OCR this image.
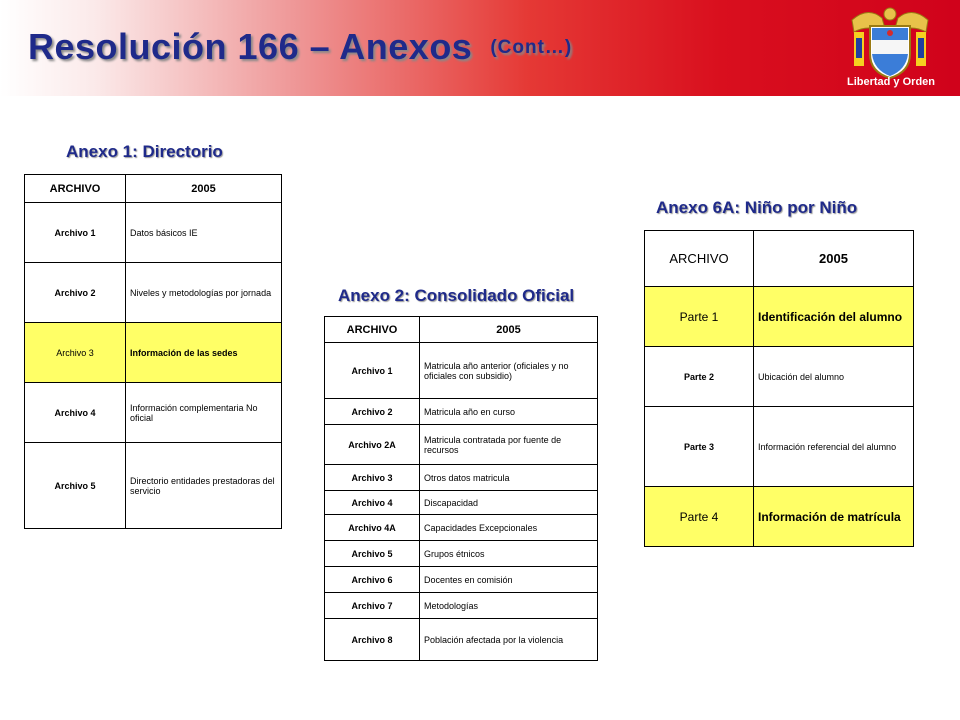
Resolución 166 – Anexos (Cont…)
Libertad y Orden
Anexo 1: Directorio
ARCHIVO	2005
Archivo 1	Datos básicos IE
Archivo 2	Niveles y metodologías por jornada
Archivo 3	Información de las sedes
Archivo 4	Información complementaria No oficial
Archivo 5	Directorio entidades prestadoras del servicio
Anexo 2: Consolidado Oficial
ARCHIVO	2005
Archivo 1	Matricula año anterior (oficiales y no oficiales con subsidio)
Archivo 2	Matricula año en curso
Archivo 2A	Matricula contratada por fuente de recursos
Archivo 3	Otros datos matricula
Archivo 4	Discapacidad
Archivo 4A	Capacidades Excepcionales
Archivo 5	Grupos étnicos
Archivo 6	Docentes en comisión
Archivo 7	Metodologías
Archivo 8	Población afectada por la violencia
Anexo 6A: Niño por Niño
ARCHIVO	2005
Parte 1	Identificación del alumno
Parte 2	Ubicación del alumno
Parte 3	Información referencial del alumno
Parte 4	Información de matrícula
